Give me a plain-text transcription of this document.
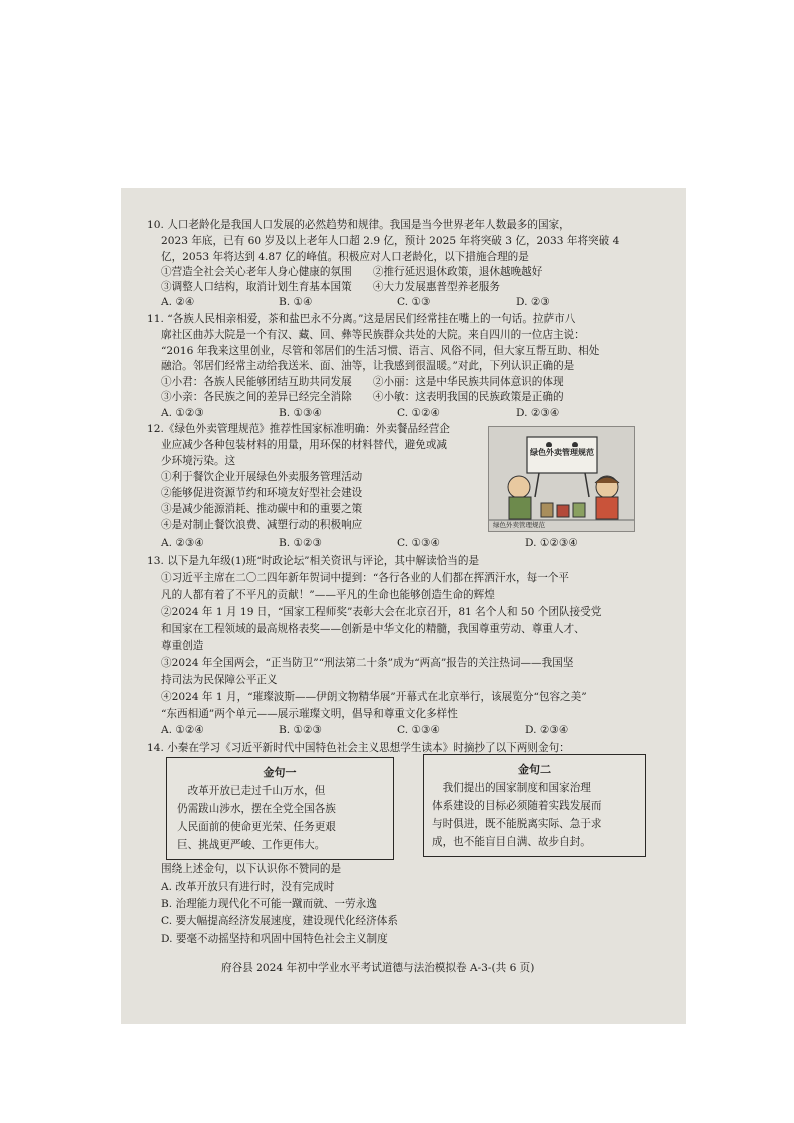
10. 人口老龄化是我国人口发展的必然趋势和规律。我国是当今世界老年人数最多的国家，
2023 年底，已有 60 岁及以上老年人口超 2.9 亿，预计 2025 年将突破 3 亿，2033 年将突破 4
亿，2053 年将达到 4.87 亿的峰值。积极应对人口老龄化，以下措施合理的是
①营造全社会关心老年人身心健康的氛围　　②推行延迟退休政策，退休越晚越好
③调整人口结构，取消计划生育基本国策　　④大力发展惠普型养老服务
A. ②④	B. ①④	C. ①③	D. ②③
11. “各族人民相亲相爱，茶和盐巴永不分离。”这是居民们经常挂在嘴上的一句话。拉萨市八
廓社区曲苏大院是一个有汉、藏、回、彝等民族群众共处的大院。来自四川的一位店主说：
“2016 年我来这里创业，尽管和邻居们的生活习惯、语言、风俗不同，但大家互帮互助、相处
融洽。邻居们经常主动给我送米、面、油等，让我感到很温暖。”对此，下列认识正确的是
①小君：各族人民能够团结互助共同发展　　②小丽：这是中华民族共同体意识的体现
③小亲：各民族之间的差异已经完全消除　　④小敏：这表明我国的民族政策是正确的
A. ①②③	B. ①③④	C. ①②④	D. ②③④
12.《绿色外卖管理规范》推荐性国家标准明确：外卖餐品经营企
业应减少各种包装材料的用量，用环保的材料替代，避免或减
少环境污染。这
①利于餐饮企业开展绿色外卖服务管理活动
②能够促进资源节约和环境友好型社会建设
③是减少能源消耗、推动碳中和的重要之策
④是对制止餐饮浪费、减塑行动的积极响应
绿色外卖管理规范
绿色外卖管理规范
A. ②③④	B. ①②③	C. ①③④	D. ①②③④
13. 以下是九年级(1)班“时政论坛”相关资讯与评论，其中解读恰当的是
①习近平主席在二〇二四年新年贺词中提到：“各行各业的人们都在挥洒汗水，每一个平
凡的人都有着了不平凡的贡献！”——平凡的生命也能够创造生命的辉煌
②2024 年 1 月 19 日，“国家工程师奖”表彰大会在北京召开，81 名个人和 50 个团队接受党
和国家在工程领域的最高规格表奖——创新是中华文化的精髓，我国尊重劳动、尊重人才、
尊重创造
③2024 年全国两会，“正当防卫”“刑法第二十条”成为“两高”报告的关注热词——我国坚
持司法为民保障公平正义
④2024 年 1 月，“璀璨波斯——伊朗文物精华展”开幕式在北京举行，该展览分“包容之美”
“东西相通”两个单元——展示璀璨文明，倡导和尊重文化多样性
A. ①②④	B. ①②③	C. ①③④	D. ②③④
14. 小秦在学习《习近平新时代中国特色社会主义思想学生读本》时摘抄了以下两则金句：
金句一
　改革开放已走过千山万水，但
仍需跋山涉水，摆在全党全国各族
人民面前的使命更光荣、任务更艰
巨、挑战更严峻、工作更伟大。
金句二
　我们提出的国家制度和国家治理
体系建设的目标必须随着实践发展而
与时俱进，既不能脱离实际、急于求
成，也不能盲目自满、故步自封。
围绕上述金句，以下认识你不赞同的是
A. 改革开放只有进行时，没有完成时
B. 治理能力现代化不可能一蹴而就、一劳永逸
C. 要大幅提高经济发展速度，建设现代化经济体系
D. 要毫不动摇坚持和巩固中国特色社会主义制度
府谷县 2024 年初中学业水平考试道德与法治模拟卷 A-3-(共 6 页)
